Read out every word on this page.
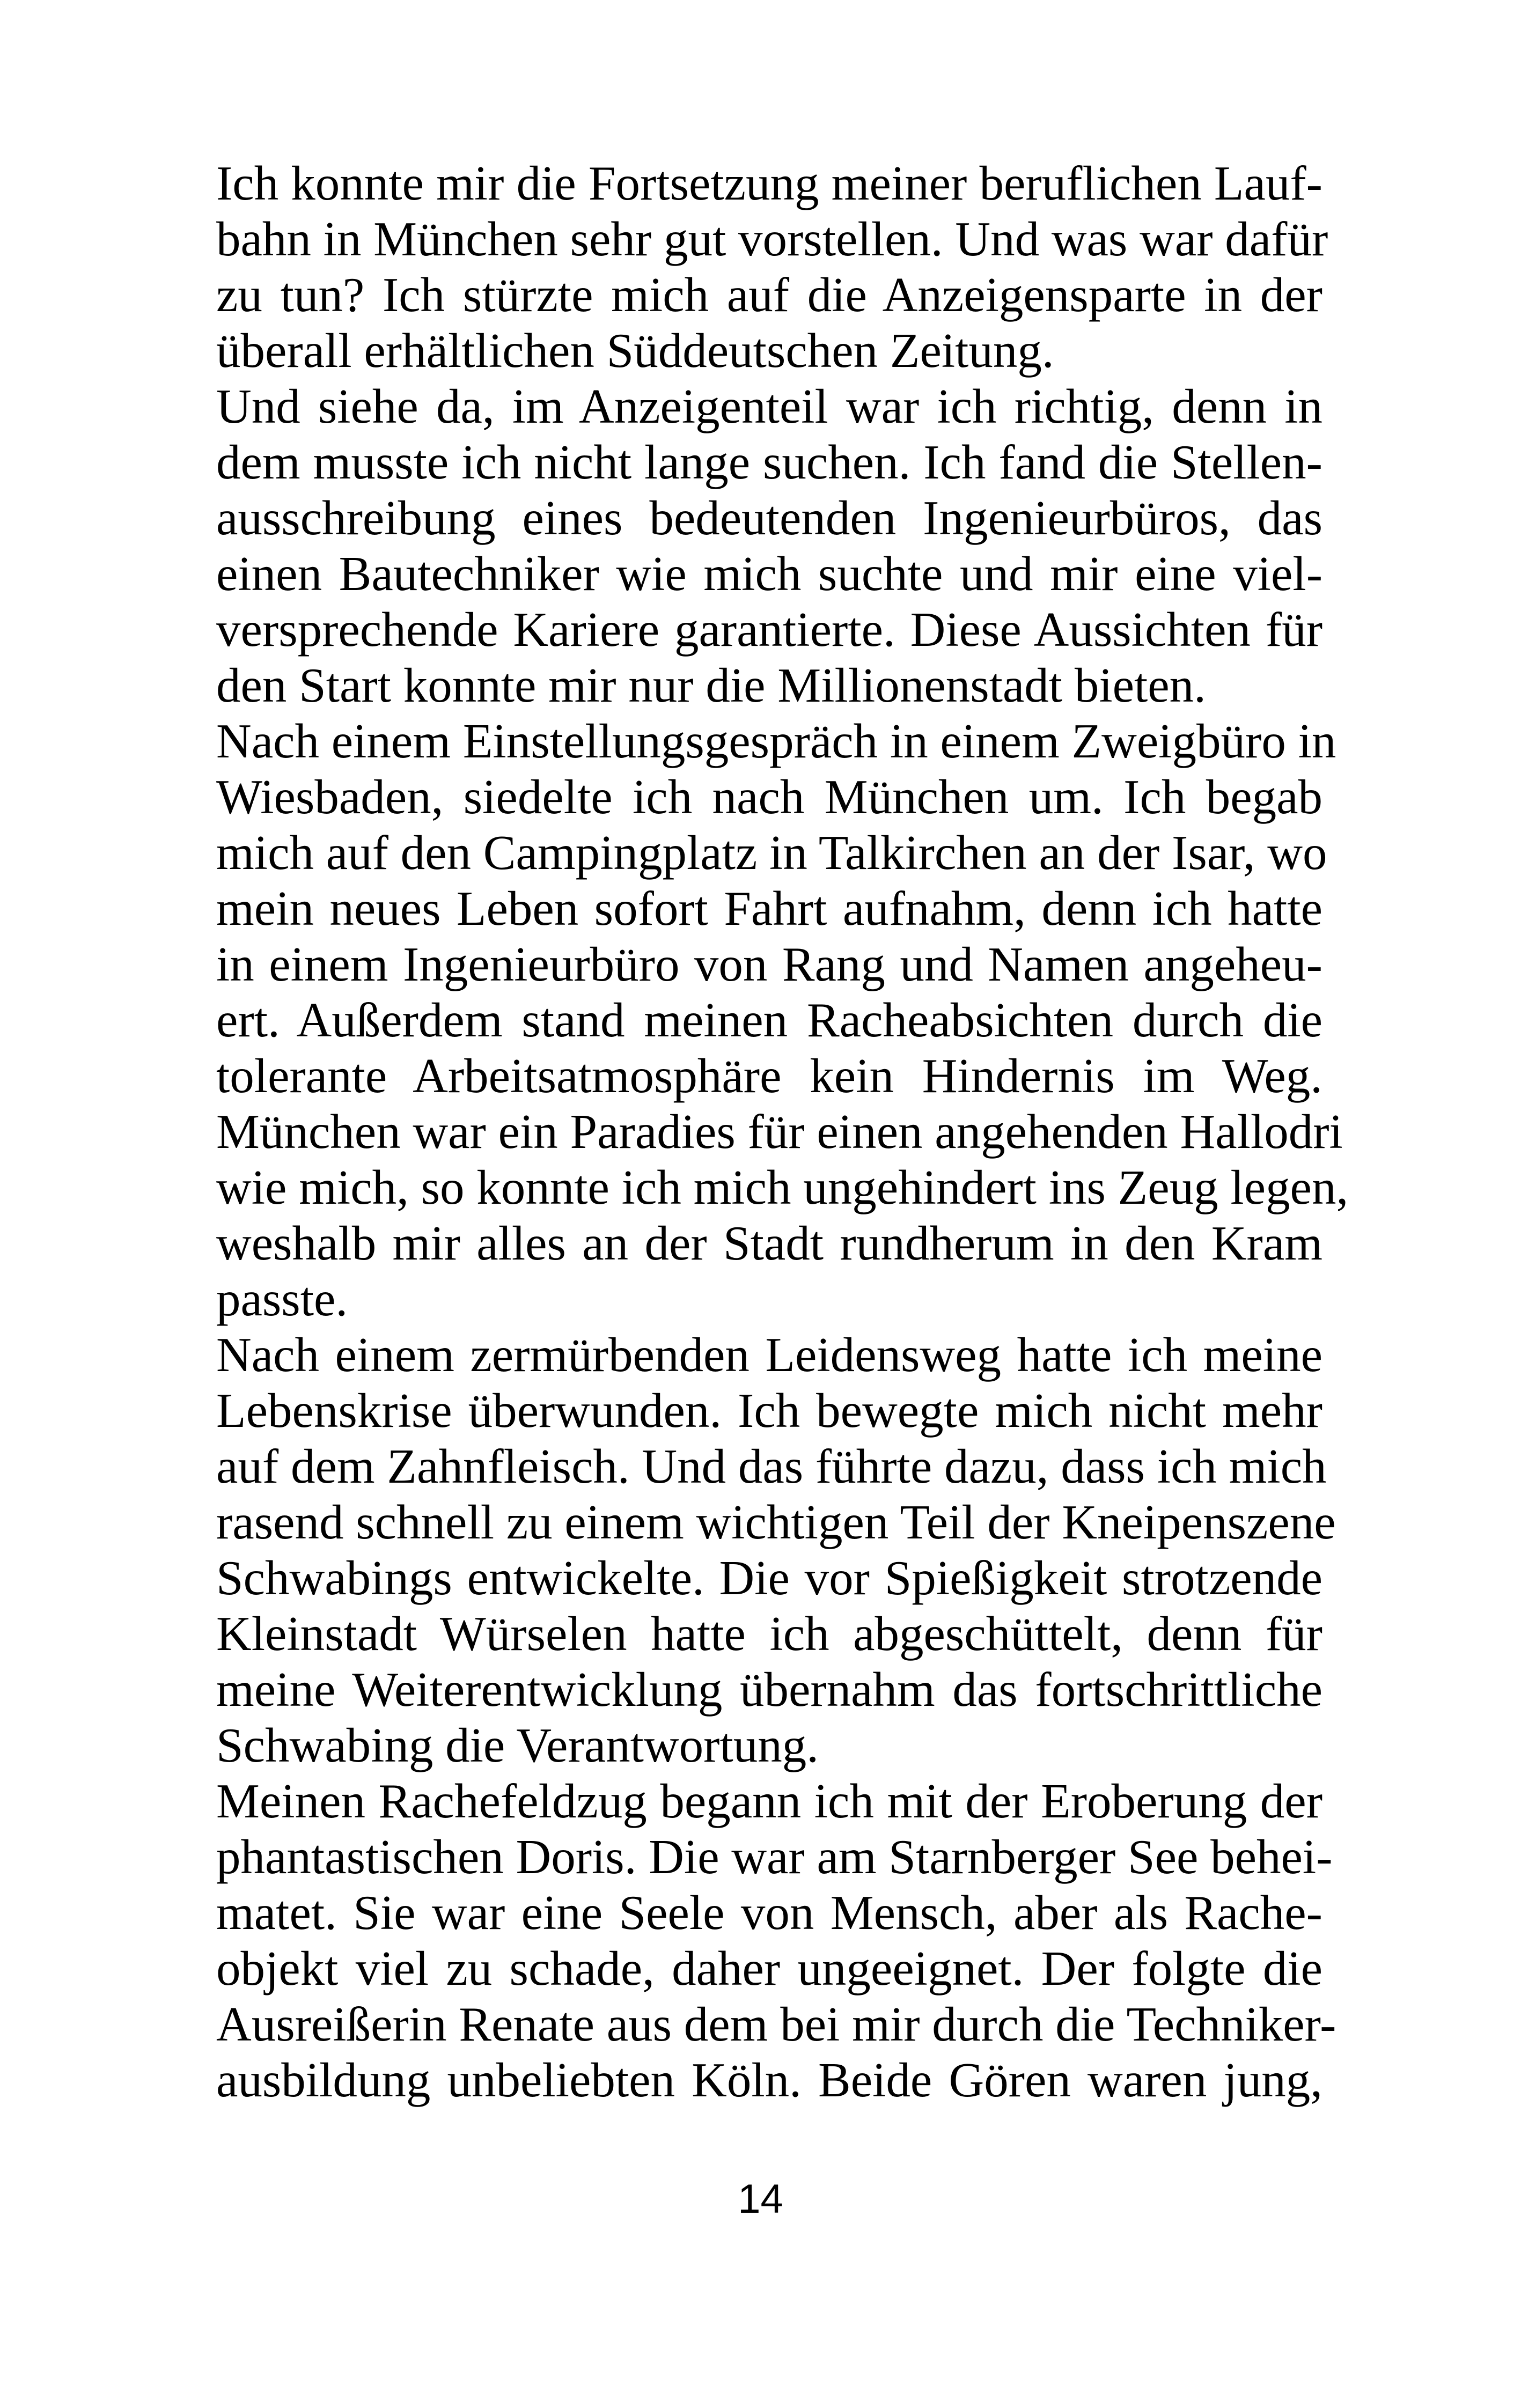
Ich konnte mir die Fortsetzung meiner beruflichen Lauf-
bahn in München sehr gut vorstellen. Und was war dafür
zu tun? Ich stürzte mich auf die Anzeigensparte in der
überall erhältlichen Süddeutschen Zeitung.

Und siehe da, im Anzeigenteil war ich richtig, denn in
dem musste ich nicht lange suchen. Ich fand die Stellen-
ausschreibung eines bedeutenden Ingenieurbüros, das
einen Bautechniker wie mich suchte und mir eine viel-
versprechende Kariere garantierte. Diese Aussichten für
den Start konnte mir nur die Millionenstadt bieten.

Nach einem Einstellungsgespräch in einem Zweigbüro in
Wiesbaden, siedelte ich nach München um. Ich begab
mich auf den Campingplatz in Talkirchen an der Isar, wo
mein neues Leben sofort Fahrt aufnahm, denn ich hatte
in einem Ingenieurbüro von Rang und Namen angeheu-
ert. Außerdem stand meinen Racheabsichten durch die
tolerante Arbeitsatmosphäre kein Hindernis im Weg.
München war ein Paradies für einen angehenden Hallodri
wie mich, so konnte ich mich ungehindert ins Zeug legen,
weshalb mir alles an der Stadt rundherum in den Kram
passte.

Nach einem zermürbenden Leidensweg hatte ich meine
Lebenskrise überwunden. Ich bewegte mich nicht mehr
auf dem Zahnfleisch. Und das führte dazu, dass ich mich
rasend schnell zu einem wichtigen Teil der Kneipenszene
Schwabings entwickelte. Die vor Spießigkeit strotzende
Kleinstadt Würselen hatte ich abgeschüttelt, denn für
meine Weiterentwicklung übernahm das fortschrittliche
Schwabing die Verantwortung.

Meinen Rachefeldzug begann ich mit der Eroberung der
phantastischen Doris. Die war am Starnberger See behei-
matet. Sie war eine Seele von Mensch, aber als Rache-
objekt viel zu schade, daher ungeeignet. Der folgte die
Ausreißerin Renate aus dem bei mir durch die Techniker-
ausbildung unbeliebten Köln. Beide Gören waren jung,

14
